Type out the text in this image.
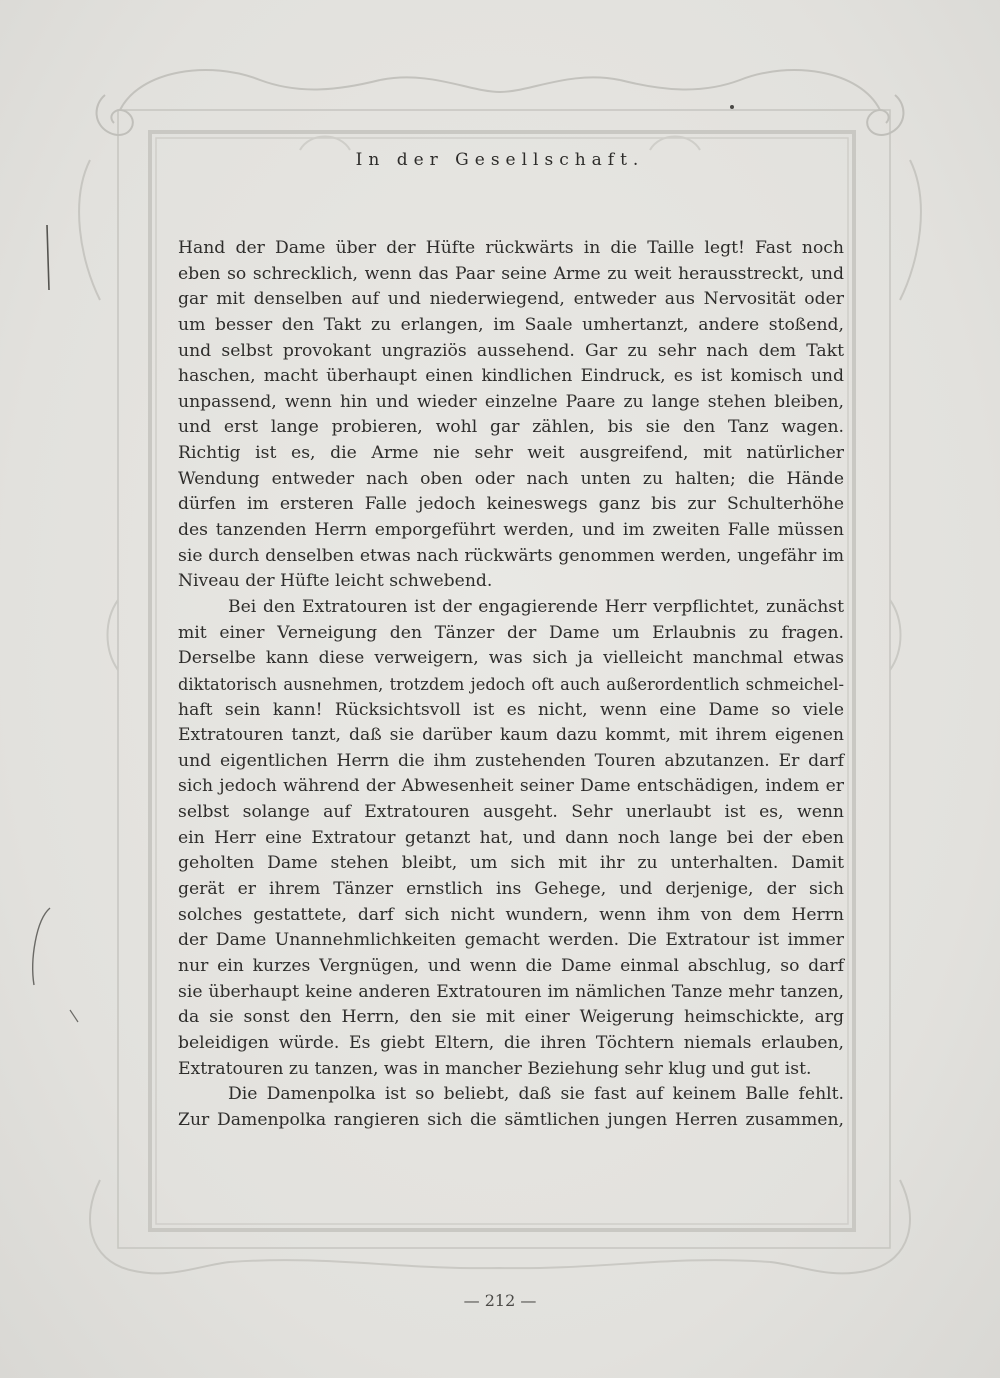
In der Gesellschaft.
Hand der Dame über der Hüfte rückwärts in die Taille legt! Fast noch
eben so schrecklich, wenn das Paar seine Arme zu weit herausstreckt, und
gar mit denselben auf und niederwiegend, entweder aus Nervosität oder
um besser den Takt zu erlangen, im Saale umhertanzt, andere stoßend,
und selbst provokant ungraziös aussehend. Gar zu sehr nach dem Takt
haschen, macht überhaupt einen kindlichen Eindruck, es ist komisch und
unpassend, wenn hin und wieder einzelne Paare zu lange stehen bleiben,
und erst lange probieren, wohl gar zählen, bis sie den Tanz wagen.
Richtig ist es, die Arme nie sehr weit ausgreifend, mit natürlicher
Wendung entweder nach oben oder nach unten zu halten; die Hände
dürfen im ersteren Falle jedoch keineswegs ganz bis zur Schulterhöhe
des tanzenden Herrn emporgeführt werden, und im zweiten Falle müssen
sie durch denselben etwas nach rückwärts genommen werden, ungefähr im
Niveau der Hüfte leicht schwebend.
Bei den Extratouren ist der engagierende Herr verpflichtet, zunächst
mit einer Verneigung den Tänzer der Dame um Erlaubnis zu fragen.
Derselbe kann diese verweigern, was sich ja vielleicht manchmal etwas
diktatorisch ausnehmen, trotzdem jedoch oft auch außerordentlich schmeichel-
haft sein kann! Rücksichtsvoll ist es nicht, wenn eine Dame so viele
Extratouren tanzt, daß sie darüber kaum dazu kommt, mit ihrem eigenen
und eigentlichen Herrn die ihm zustehenden Touren abzutanzen. Er darf
sich jedoch während der Abwesenheit seiner Dame entschädigen, indem er
selbst solange auf Extratouren ausgeht. Sehr unerlaubt ist es, wenn
ein Herr eine Extratour getanzt hat, und dann noch lange bei der eben
geholten Dame stehen bleibt, um sich mit ihr zu unterhalten. Damit
gerät er ihrem Tänzer ernstlich ins Gehege, und derjenige, der sich
solches gestattete, darf sich nicht wundern, wenn ihm von dem Herrn
der Dame Unannehmlichkeiten gemacht werden. Die Extratour ist immer
nur ein kurzes Vergnügen, und wenn die Dame einmal abschlug, so darf
sie überhaupt keine anderen Extratouren im nämlichen Tanze mehr tanzen,
da sie sonst den Herrn, den sie mit einer Weigerung heimschickte, arg
beleidigen würde. Es giebt Eltern, die ihren Töchtern niemals erlauben,
Extratouren zu tanzen, was in mancher Beziehung sehr klug und gut ist.
Die Damenpolka ist so beliebt, daß sie fast auf keinem Balle fehlt.
Zur Damenpolka rangieren sich die sämtlichen jungen Herren zusammen,
— 212 —
